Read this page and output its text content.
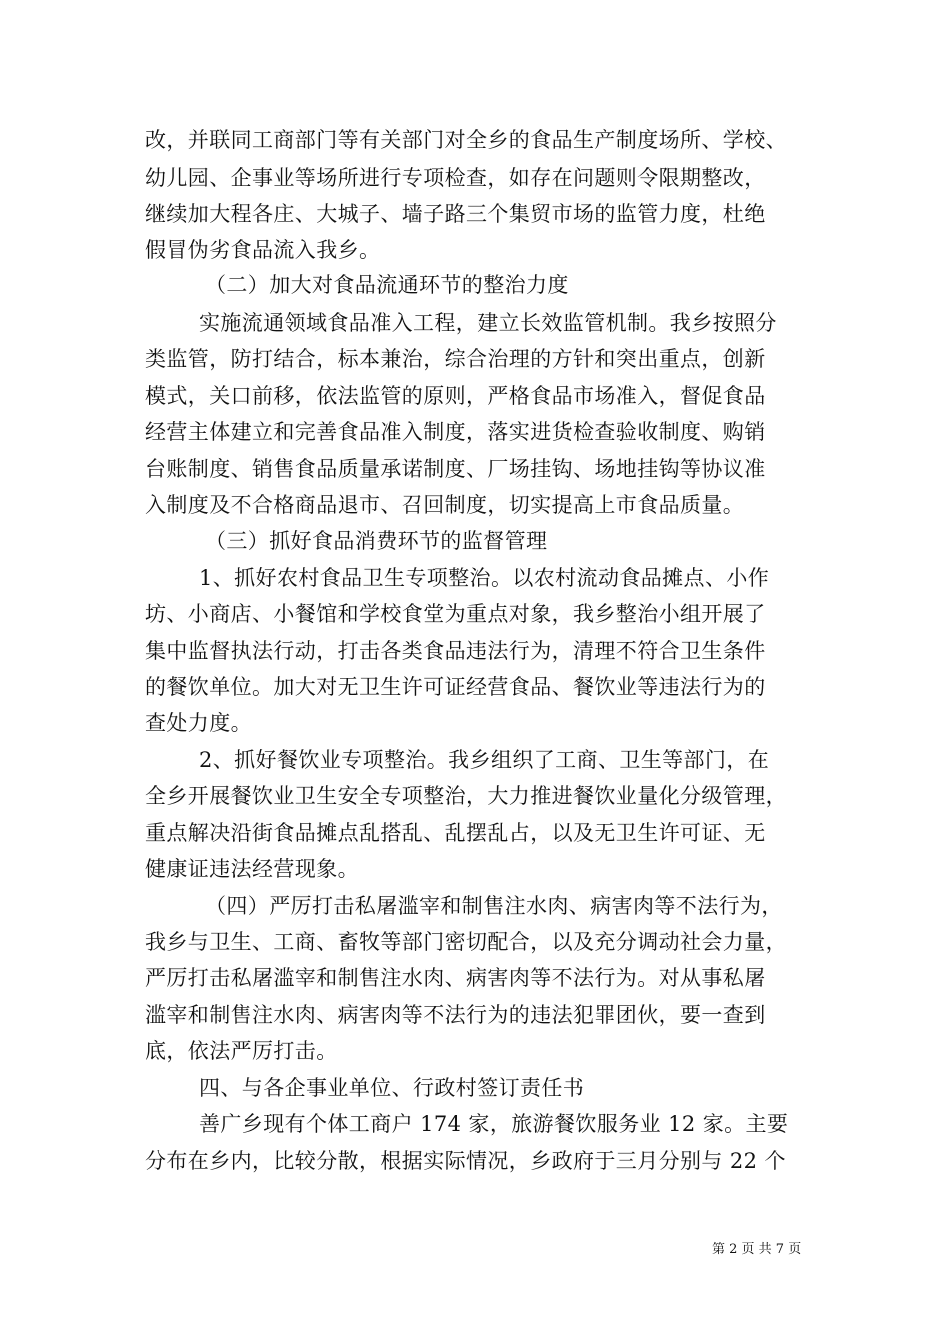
改，并联同工商部门等有关部门对全乡的食品生产制度场所、学校、
幼儿园、企事业等场所进行专项检查，如存在问题则令限期整改，
继续加大程各庄、大城子、墙子路三个集贸市场的监管力度，杜绝
假冒伪劣食品流入我乡。
（二）加大对食品流通环节的整治力度
实施流通领域食品准入工程，建立长效监管机制。我乡按照分
类监管，防打结合，标本兼治，综合治理的方针和突出重点，创新
模式，关口前移，依法监管的原则，严格食品市场准入，督促食品
经营主体建立和完善食品准入制度，落实进货检查验收制度、购销
台账制度、销售食品质量承诺制度、厂场挂钩、场地挂钩等协议准
入制度及不合格商品退市、召回制度，切实提高上市食品质量。
（三）抓好食品消费环节的监督管理
1、抓好农村食品卫生专项整治。以农村流动食品摊点、小作
坊、小商店、小餐馆和学校食堂为重点对象，我乡整治小组开展了
集中监督执法行动，打击各类食品违法行为，清理不符合卫生条件
的餐饮单位。加大对无卫生许可证经营食品、餐饮业等违法行为的
查处力度。
2、抓好餐饮业专项整治。我乡组织了工商、卫生等部门，在
全乡开展餐饮业卫生安全专项整治，大力推进餐饮业量化分级管理，
重点解决沿街食品摊点乱搭乱、乱摆乱占，以及无卫生许可证、无
健康证违法经营现象。
（四）严厉打击私屠滥宰和制售注水肉、病害肉等不法行为，
我乡与卫生、工商、畜牧等部门密切配合，以及充分调动社会力量，
严厉打击私屠滥宰和制售注水肉、病害肉等不法行为。对从事私屠
滥宰和制售注水肉、病害肉等不法行为的违法犯罪团伙，要一查到
底，依法严厉打击。
四、与各企事业单位、行政村签订责任书
善广乡现有个体工商户 174 家，旅游餐饮服务业 12 家。主要
分布在乡内，比较分散，根据实际情况，乡政府于三月分别与 22 个
第 2 页 共 7 页
